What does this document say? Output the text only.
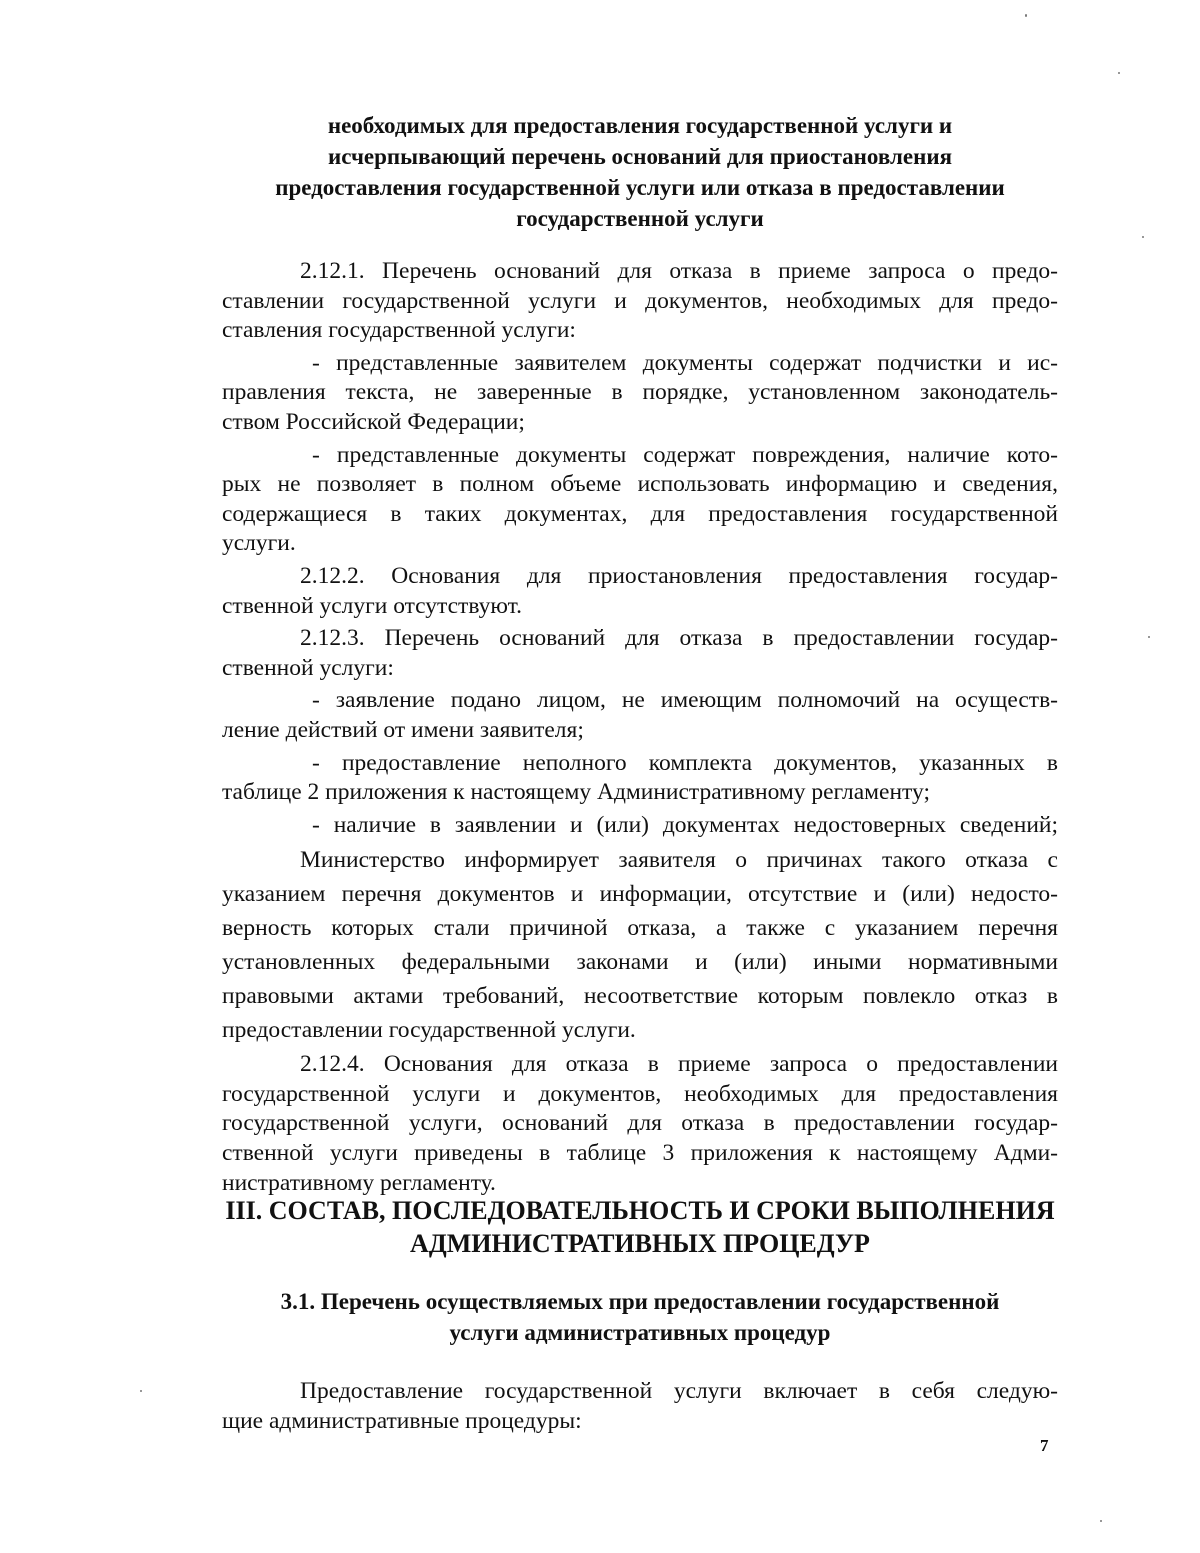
необходимых для предоставления государственной услуги и
исчерпывающий перечень оснований для приостановления
предоставления государственной услуги или отказа в предоставлении
государственной услуги
2.12.1. Перечень оснований для отказа в приеме запроса о предо-
ставлении государственной услуги и документов, необходимых для предо-
ставления государственной услуги:
- представленные заявителем документы содержат подчистки и ис-
правления текста, не заверенные в порядке, установленном законодатель-
ством Российской Федерации;
- представленные документы содержат повреждения, наличие кото-
рых не позволяет в полном объеме использовать информацию и сведения,
содержащиеся в таких документах, для предоставления государственной
услуги.
2.12.2. Основания для приостановления предоставления государ-
ственной услуги отсутствуют.
2.12.3. Перечень оснований для отказа в предоставлении государ-
ственной услуги:
- заявление подано лицом, не имеющим полномочий на осуществ-
ление действий от имени заявителя;
- предоставление неполного комплекта документов, указанных в
таблице 2 приложения к настоящему Административному регламенту;
- наличие в заявлении и (или) документах недостоверных сведений;
Министерство информирует заявителя о причинах такого отказа с
указанием перечня документов и информации, отсутствие и (или) недосто-
верность которых стали причиной отказа, а также с указанием перечня
установленных федеральными законами и (или) иными нормативными
правовыми актами требований, несоответствие которым повлекло отказ в
предоставлении государственной услуги.
2.12.4. Основания для отказа в приеме запроса о предоставлении
государственной услуги и документов, необходимых для предоставления
государственной услуги, оснований для отказа в предоставлении государ-
ственной услуги приведены в таблице 3 приложения к настоящему Адми-
нистративному регламенту.
III. СОСТАВ, ПОСЛЕДОВАТЕЛЬНОСТЬ И СРОКИ ВЫПОЛНЕНИЯ
АДМИНИСТРАТИВНЫХ ПРОЦЕДУР
3.1. Перечень осуществляемых при предоставлении государственной
услуги административных процедур
Предоставление государственной услуги включает в себя следую-
щие административные процедуры:
7
